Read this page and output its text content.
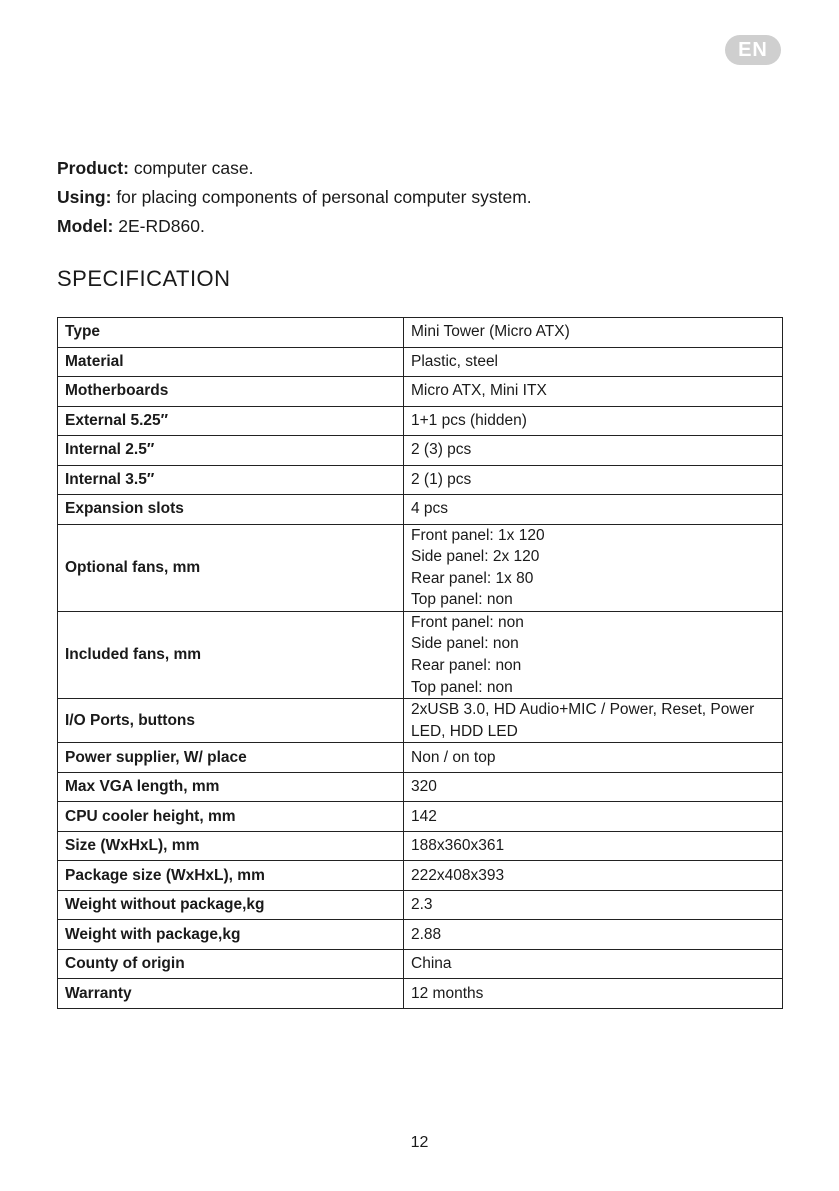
EN

Product: computer case.

Using: for placing components of personal computer system.

Model: 2E-RD860.

SPECIFICATION
Type	Mini Tower (Micro ATX)

Material	Plastic, steel

Motherboards	Micro ATX, Mini ITX

External 5.25″	1+1 pcs (hidden)

Internal 2.5″	2 (3) pcs

Internal 3.5″	2 (1) pcs

Expansion slots	4 pcs

Optional fans, mm	Front panel: 1x 120
Side panel: 2x 120
Rear panel: 1x 80
Top panel: non

Included fans, mm	Front panel: non
Side panel: non
Rear panel: non
Top panel: non

I/O Ports, buttons	2xUSB 3.0, HD Audio+MIC / Power, Reset, Power
LED, HDD LED

Power supplier, W/ place	Non / on top

Max VGA length, mm	320

CPU cooler height, mm	142

Size (WxHxL), mm	188x360x361

Package size (WxHxL), mm	222x408x393

Weight without package,kg	2.3

Weight with package,kg	2.88

County of origin	China

Warranty	12 months
12
